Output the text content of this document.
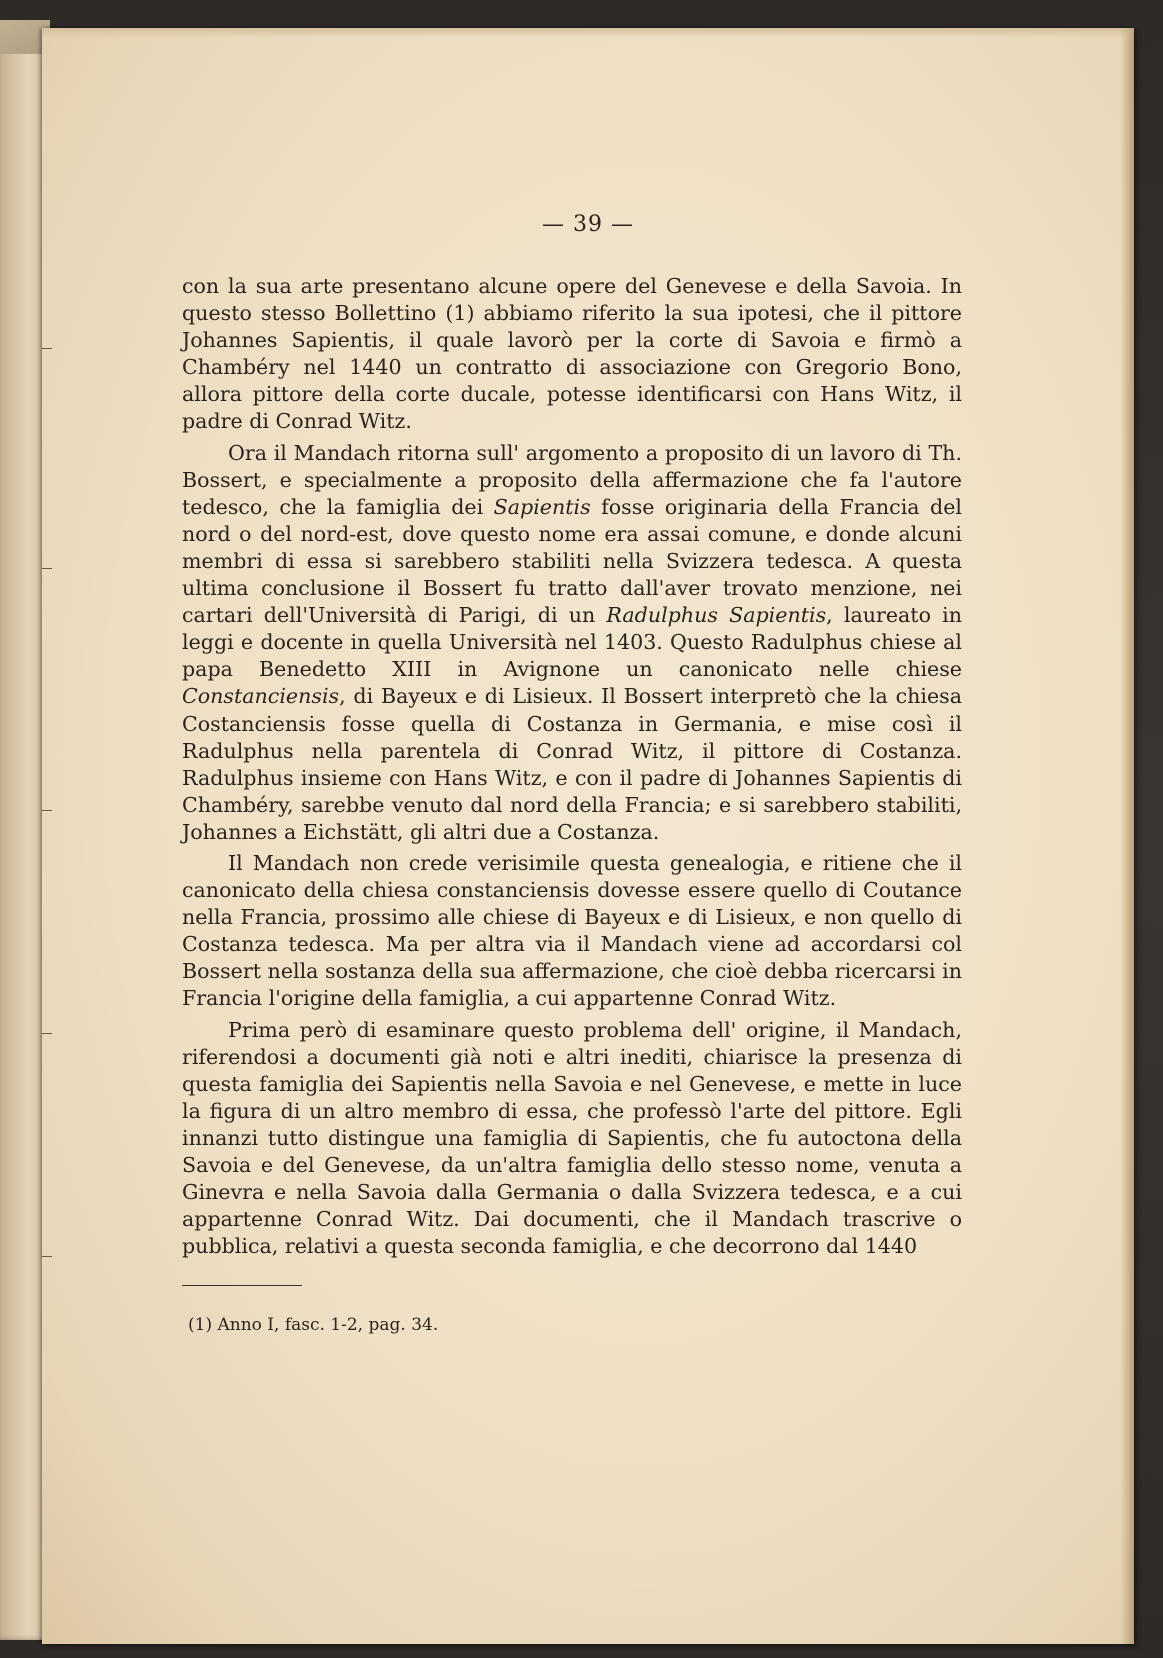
— 39 —

con la sua arte presentano alcune opere del Genevese e della Savoia. In questo stesso Bollettino (1) abbiamo riferito la sua ipotesi, che il pittore Johannes Sapientis, il quale lavorò per la corte di Savoia e firmò a Chambéry nel 1440 un contratto di associazione con Gregorio Bono, allora pittore della corte ducale, potesse identificarsi con Hans Witz, il padre di Conrad Witz.

Ora il Mandach ritorna sull' argomento a proposito di un lavoro di Th. Bossert, e specialmente a proposito della affermazione che fa l'autore tedesco, che la famiglia dei Sapientis fosse originaria della Francia del nord o del nord-est, dove questo nome era assai comune, e donde alcuni membri di essa si sarebbero stabiliti nella Svizzera tedesca. A questa ultima conclusione il Bossert fu tratto dall'aver trovato menzione, nei cartari dell'Università di Parigi, di un Radulphus Sapientis, laureato in leggi e docente in quella Università nel 1403. Questo Radulphus chiese al papa Benedetto XIII in Avignone un canonicato nelle chiese Constanciensis, di Bayeux e di Lisieux. Il Bossert interpretò che la chiesa Costanciensis fosse quella di Costanza in Germania, e mise così il Radulphus nella parentela di Conrad Witz, il pittore di Costanza. Radulphus insieme con Hans Witz, e con il padre di Johannes Sapientis di Chambéry, sarebbe venuto dal nord della Francia; e si sarebbero stabiliti, Johannes a Eichstätt, gli altri due a Costanza.

Il Mandach non crede verisimile questa genealogia, e ritiene che il canonicato della chiesa constanciensis dovesse essere quello di Coutance nella Francia, prossimo alle chiese di Bayeux e di Lisieux, e non quello di Costanza tedesca. Ma per altra via il Mandach viene ad accordarsi col Bossert nella sostanza della sua affermazione, che cioè debba ricercarsi in Francia l'origine della famiglia, a cui appartenne Conrad Witz.

Prima però di esaminare questo problema dell' origine, il Mandach, riferendosi a documenti già noti e altri inediti, chiarisce la presenza di questa famiglia dei Sapientis nella Savoia e nel Genevese, e mette in luce la figura di un altro membro di essa, che professò l'arte del pittore. Egli innanzi tutto distingue una famiglia di Sapientis, che fu autoctona della Savoia e del Genevese, da un'altra famiglia dello stesso nome, venuta a Ginevra e nella Savoia dalla Germania o dalla Svizzera tedesca, e a cui appartenne Conrad Witz. Dai documenti, che il Mandach trascrive o pubblica, relativi a questa seconda famiglia, e che decorrono dal 1440

(1) Anno I, fasc. 1-2, pag. 34.
